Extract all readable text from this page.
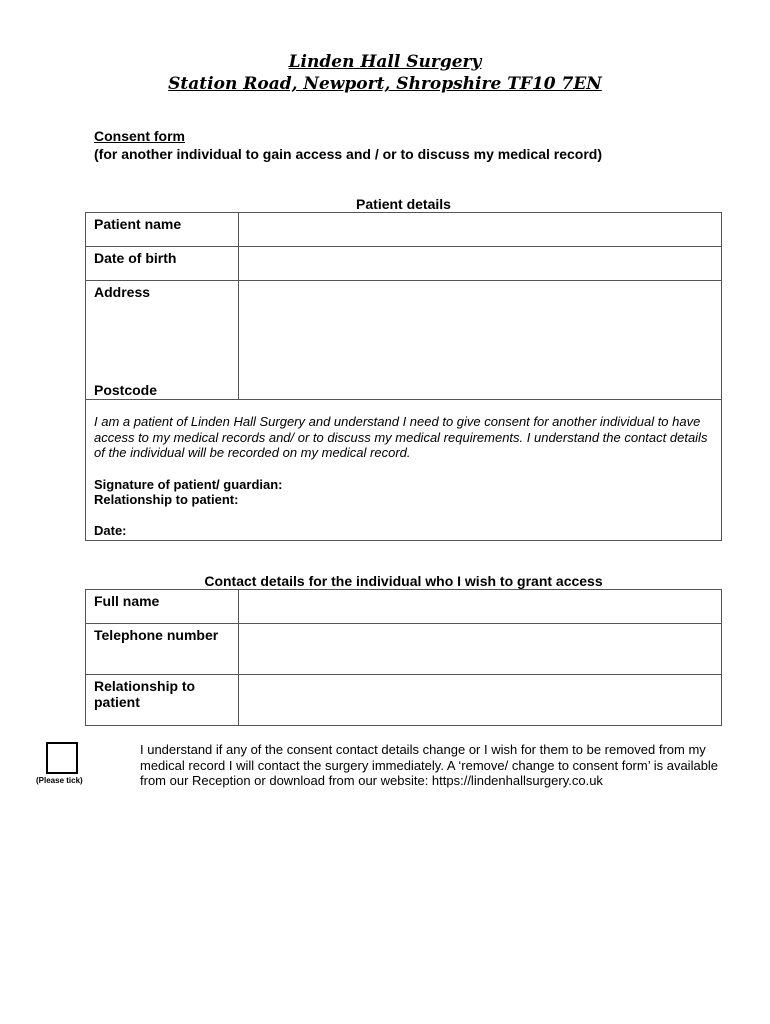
Linden Hall Surgery
Station Road, Newport, Shropshire TF10 7EN
Consent form
(for another individual to gain access and / or to discuss my medical record)
Patient details
Patient name	
Date of birth	
Address
Postcode	

I am a patient of Linden Hall Surgery and understand I need to give consent for another individual to have access to my medical records and/ or to discuss my medical requirements. I understand the contact details of the individual will be recorded on my medical record.
Signature of patient/ guardian:
Relationship to patient:
Date:	
Contact details for the individual who I wish to grant access
Full name	
Telephone number	
Relationship to patient	
(Please tick)
I understand if any of the consent contact details change or I wish for them to be removed from my medical record I will contact the surgery immediately. A ‘remove/ change to consent form’ is available from our Reception or download from our website: https://lindenhallsurgery.co.uk
